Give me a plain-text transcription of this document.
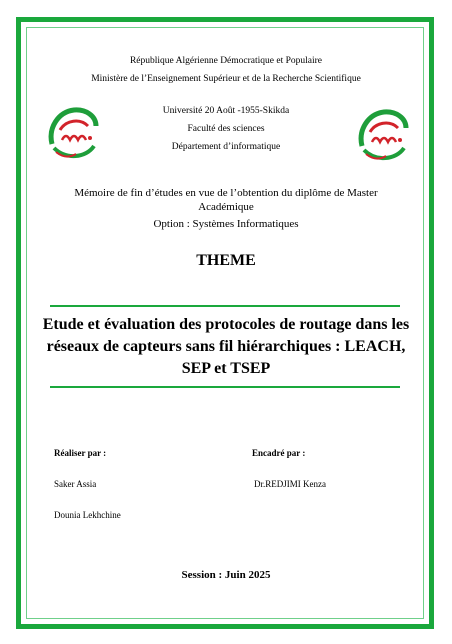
République Algérienne Démocratique et Populaire
Ministère de l’Enseignement Supérieur et de la Recherche Scientifique
Université 20 Août -1955-Skikda
Faculté des sciences
Département d’informatique
Mémoire de fin d’études en vue de l’obtention du diplôme de Master
Académique
Option : Systèmes Informatiques
THEME
Etude et évaluation des protocoles de routage dans les réseaux de capteurs sans fil hiérarchiques : LEACH, SEP et TSEP
Réaliser par :	Encadré par :
Saker Assia	Dr.REDJIMI Kenza
Dounia Lekhchine
Session : Juin 2025
